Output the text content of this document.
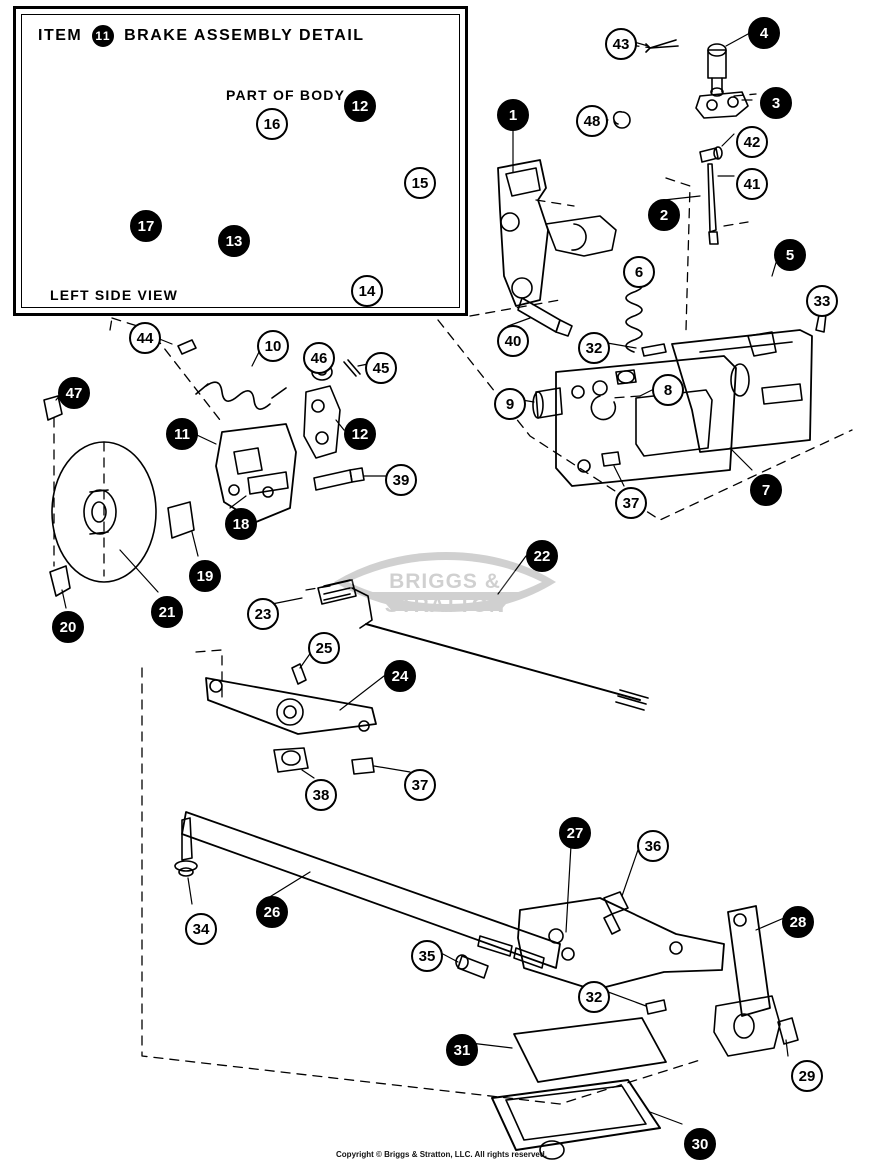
ITEM 11 BRAKE ASSEMBLY DETAIL
PART OF BODY
LEFT SIDE VIEW
BRIGGS & STRATTON
1
2
3
4
5
6
7
8
9
10
11
12
12
13
14
15
16
17
18
19
20
21
22
23
24
25
26
27
28
29
30
31
32
32
33
34
35
36
37
37
38
39
40
41
42
43
44
45
46
47
48
Copyright © Briggs & Stratton, LLC. All rights reserved.
